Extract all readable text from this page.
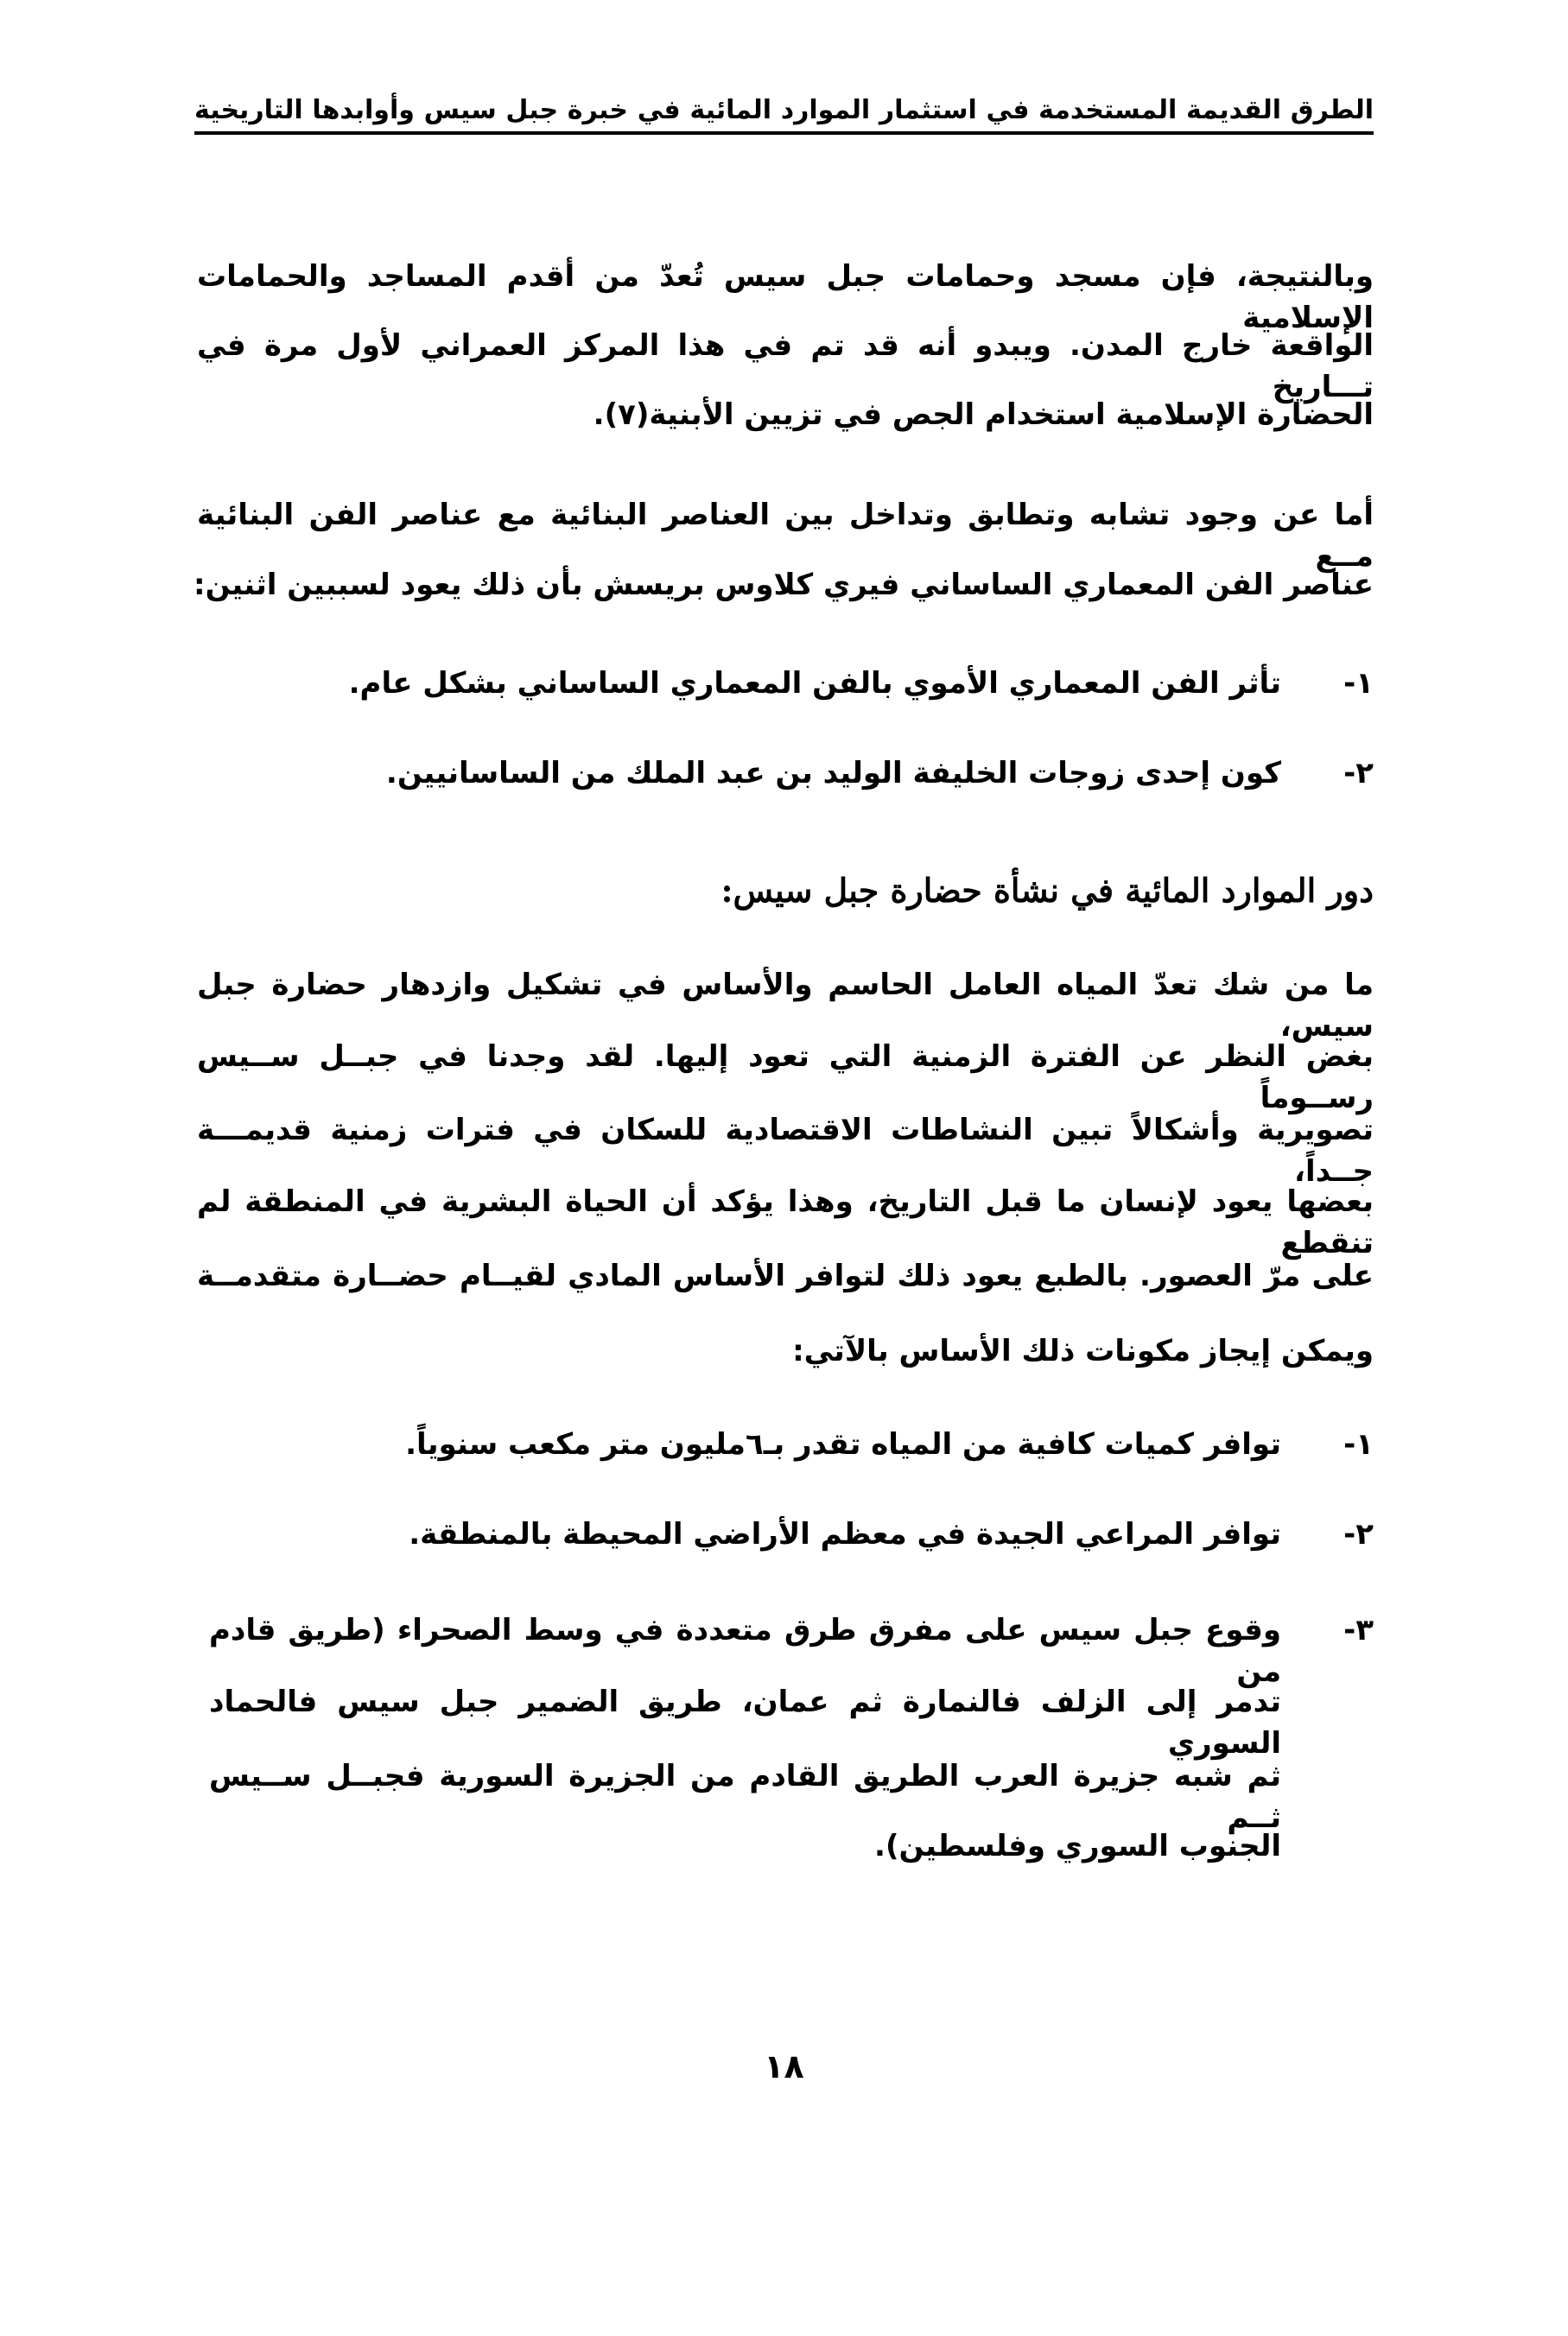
الطرق القديمة المستخدمة في استثمار الموارد المائية في خبرة جبل سيس وأوابدها التاريخية
وبالنتيجة، فإن مسجد وحمامات جبل سيس تُعدّ من أقدم المساجد والحمامات الإسلامية
الواقعة خارج المدن. ويبدو أنه قد تم في هذا المركز العمراني لأول مرة في تـــاريخ
الحضارة الإسلامية استخدام الجص في تزيين الأبنية(٧).
أما عن وجود تشابه وتطابق وتداخل بين العناصر البنائية مع عناصر الفن البنائية مــع
عناصر الفن المعماري الساساني فيري كلاوس بريسش بأن ذلك يعود لسببين اثنين:
١-
تأثر الفن المعماري الأموي بالفن المعماري الساساني بشكل عام.
٢-
كون إحدى زوجات الخليفة الوليد بن عبد الملك من الساسانيين.
دور الموارد المائية في نشأة حضارة جبل سيس:
ما من شك تعدّ المياه العامل الحاسم والأساس في تشكيل وازدهار حضارة جبل سيس،
بغض النظر عن الفترة الزمنية التي تعود إليها. لقد وجدنا في جبــل ســيس رســوماً
تصويرية وأشكالاً تبين النشاطات الاقتصادية للسكان في فترات زمنية قديمـــة جــداً،
بعضها يعود لإنسان ما قبل التاريخ، وهذا يؤكد أن الحياة البشرية في المنطقة لم تنقطع
على مرّ العصور. بالطبع يعود ذلك لتوافر الأساس المادي لقيــام حضــارة متقدمــة
ويمكن إيجاز مكونات ذلك الأساس بالآتي:
١-
توافر كميات كافية من المياه تقدر بـ٦مليون متر مكعب سنوياً.
٢-
توافر المراعي الجيدة في معظم الأراضي المحيطة بالمنطقة.
٣-
وقوع جبل سيس على مفرق طرق متعددة في وسط الصحراء (طريق قادم من
تدمر إلى الزلف فالنمارة ثم عمان، طريق الضمير جبل سيس فالحماد السوري
ثم شبه جزيرة العرب الطريق القادم من الجزيرة السورية فجبــل ســيس ثــم
الجنوب السوري وفلسطين).
١٨
